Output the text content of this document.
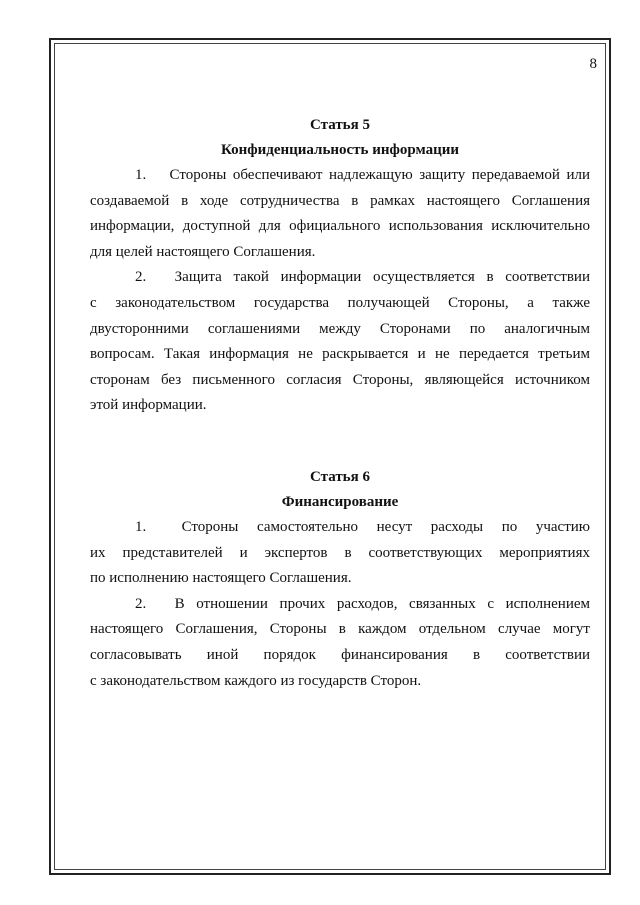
8
Статья 5
Конфиденциальность информации
1. Стороны обеспечивают надлежащую защиту передаваемой или
создаваемой в ходе сотрудничества в рамках настоящего Соглашения
информации, доступной для официального использования исключительно
для целей настоящего Соглашения.
2. Защита такой информации осуществляется в соответствии
с законодательством государства получающей Стороны, а также
двусторонними соглашениями между Сторонами по аналогичным
вопросам. Такая информация не раскрывается и не передается третьим
сторонам без письменного согласия Стороны, являющейся источником
этой информации.
Статья 6
Финансирование
1. Стороны самостоятельно несут расходы по участию
их представителей и экспертов в соответствующих мероприятиях
по исполнению настоящего Соглашения.
2. В отношении прочих расходов, связанных с исполнением
настоящего Соглашения, Стороны в каждом отдельном случае могут
согласовывать иной порядок финансирования в соответствии
с законодательством каждого из государств Сторон.
